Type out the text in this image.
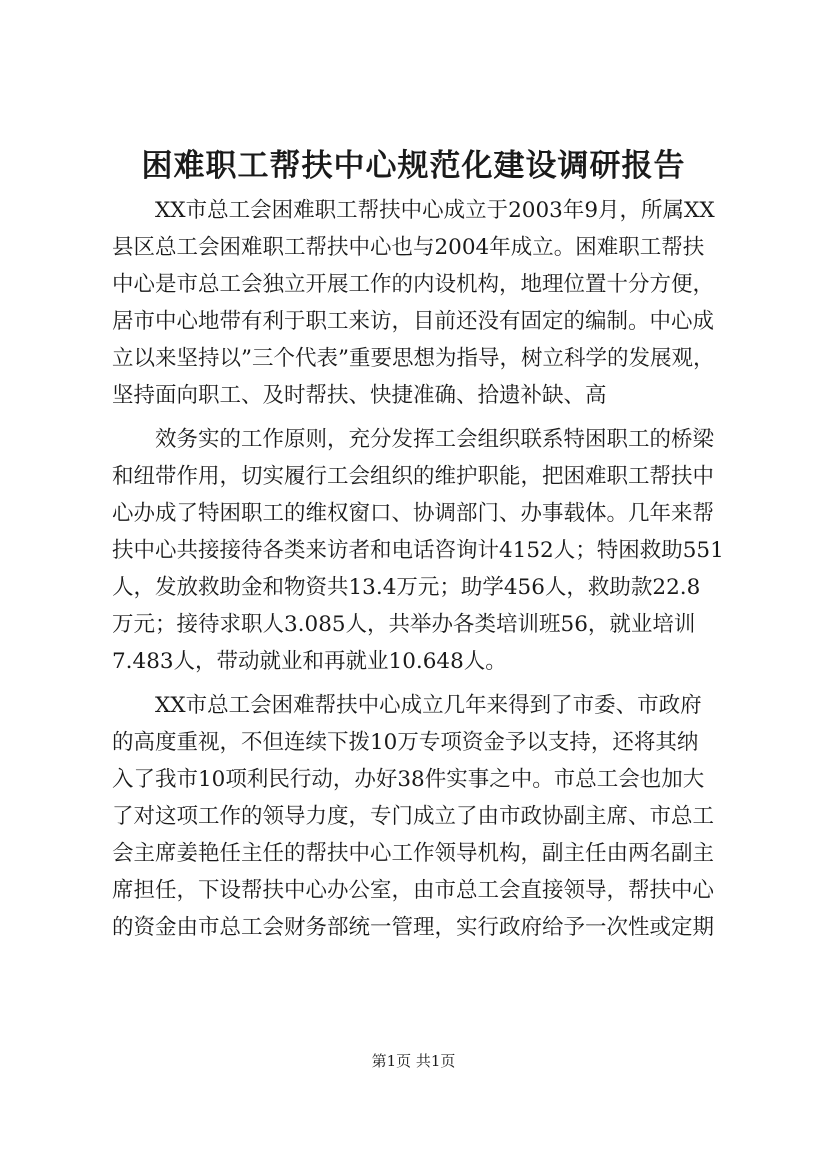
困难职工帮扶中心规范化建设调研报告
　　XX市总工会困难职工帮扶中心成立于2003年9月，所属XX
县区总工会困难职工帮扶中心也与2004年成立。困难职工帮扶
中心是市总工会独立开展工作的内设机构，地理位置十分方便，
居市中心地带有利于职工来访，目前还没有固定的编制。中心成
立以来坚持以”三个代表”重要思想为指导，树立科学的发展观，
坚持面向职工、及时帮扶、快捷准确、拾遗补缺、高
　　效务实的工作原则，充分发挥工会组织联系特困职工的桥梁
和纽带作用，切实履行工会组织的维护职能，把困难职工帮扶中
心办成了特困职工的维权窗口、协调部门、办事载体。几年来帮
扶中心共接接待各类来访者和电话咨询计4152人；特困救助551
人，发放救助金和物资共13.4万元；助学456人，救助款22.8
万元；接待求职人3.085人，共举办各类培训班56，就业培训
7.483人，带动就业和再就业10.648人。
　　XX市总工会困难帮扶中心成立几年来得到了市委、市政府
的高度重视，不但连续下拨10万专项资金予以支持，还将其纳
入了我市10项利民行动，办好38件实事之中。市总工会也加大
了对这项工作的领导力度，专门成立了由市政协副主席、市总工
会主席姜艳任主任的帮扶中心工作领导机构，副主任由两名副主
席担任，下设帮扶中心办公室，由市总工会直接领导，帮扶中心
的资金由市总工会财务部统一管理，实行政府给予一次性或定期
第1页 共1页
